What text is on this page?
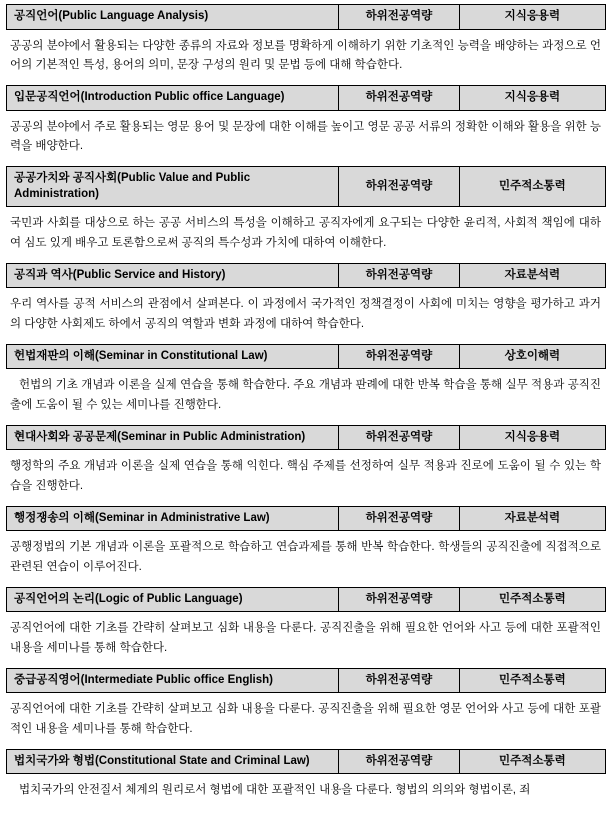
공직언어(Public Language Analysis)	하위전공역량	지식응용력
공공의 분야에서 활용되는 다양한 종류의 자료와 정보를 명확하게 이해하기 위한 기초적인 능력을 배양하는 과정으로 언어의 기본적인 특성, 용어의 의미, 문장 구성의 원리 및 문법 등에 대해 학습한다.
입문공직언어(Introduction Public office Language)	하위전공역량	지식응용력
공공의 분야에서 주로 활용되는 영문 용어 및 문장에 대한 이해를 높이고 영문 공공 서류의 정확한 이해와 활용을 위한 능력을 배양한다.
공공가치와 공직사회(Public Value and Public Administration)	하위전공역량	민주적소통력
국민과 사회를 대상으로 하는 공공 서비스의 특성을 이해하고 공직자에게 요구되는 다양한 윤리적, 사회적 책임에 대하여 심도 있게 배우고 토론함으로써 공직의 특수성과 가치에 대하여 이해한다.
공직과 역사(Public Service and History)	하위전공역량	자료분석력
우리 역사를 공적 서비스의 관점에서 살펴본다. 이 과정에서 국가적인 정책결정이 사회에 미치는 영향을 평가하고 과거의 다양한 사회제도 하에서 공직의 역할과 변화 과정에 대하여 학습한다.
헌법재판의 이해(Seminar in Constitutional Law)	하위전공역량	상호이해력
헌법의 기초 개념과 이론을 실제 연습을 통해 학습한다. 주요 개념과 판례에 대한 반복 학습을 통해 실무 적용과 공직진출에 도움이 될 수 있는 세미나를 진행한다.
현대사회와 공공문제(Seminar in Public Administration)	하위전공역량	지식응용력
행정학의 주요 개념과 이론을 실제 연습을 통해 익힌다. 핵심 주제를 선정하여 실무 적용과 진로에 도움이 될 수 있는 학습을 진행한다.
행정쟁송의 이해(Seminar in Administrative Law)	하위전공역량	자료분석력
공행정법의 기본 개념과 이론을 포괄적으로 학습하고 연습과제를 통해 반복 학습한다. 학생들의 공직진출에 직접적으로 관련된 연습이 이루어진다.
공직언어의 논리(Logic of Public Language)	하위전공역량	민주적소통력
공직언어에 대한 기초를 간략히 살펴보고 심화 내용을 다룬다. 공직진출을 위해 필요한 언어와 사고 등에 대한 포괄적인 내용을 세미나를 통해 학습한다.
중급공직영어(Intermediate Public office English)	하위전공역량	민주적소통력
공직언어에 대한 기초를 간략히 살펴보고 심화 내용을 다룬다. 공직진출을 위해 필요한 영문 언어와 사고 등에 대한 포괄적인 내용을 세미나를 통해 학습한다.
법치국가와 형법(Constitutional State and Criminal Law)	하위전공역량	민주적소통력
법치국가의 안전질서 체계의 원리로서 형법에 대한 포괄적인 내용을 다룬다. 형법의 의의와 형법이론, 죄
